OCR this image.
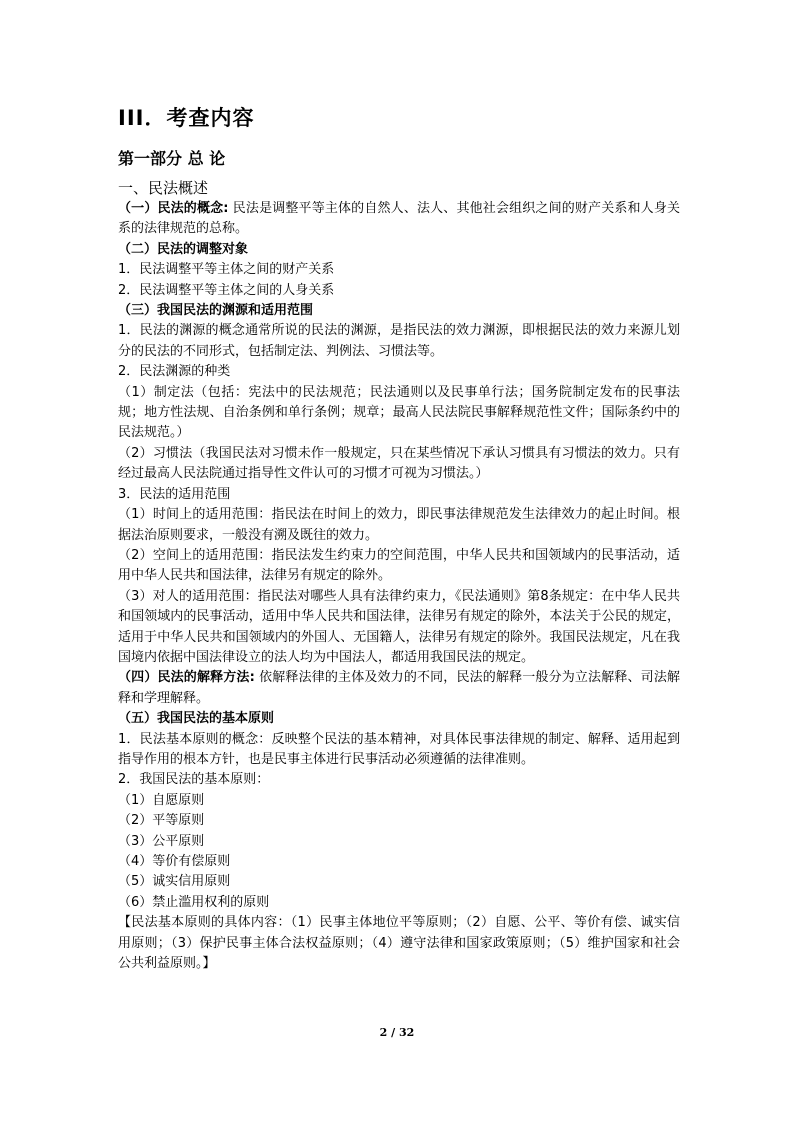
III．考查内容
第一部分 总 论
一、民法概述

（一）民法的概念: 民法是调整平等主体的自然人、法人、其他社会组织之间的财产关系和人身关系的法律规范的总称。

（二）民法的调整对象

1．民法调整平等主体之间的财产关系

2．民法调整平等主体之间的人身关系

（三）我国民法的渊源和适用范围

1．民法的渊源的概念通常所说的民法的渊源，是指民法的效力渊源，即根据民法的效力来源儿划分的民法的不同形式，包括制定法、判例法、习惯法等。

2．民法渊源的种类

（1）制定法（包括：宪法中的民法规范；民法通则以及民事单行法；国务院制定发布的民事法规；地方性法规、自治条例和单行条例；规章；最高人民法院民事解释规范性文件；国际条约中的民法规范。）

（2）习惯法（我国民法对习惯未作一般规定，只在某些情况下承认习惯具有习惯法的效力。只有经过最高人民法院通过指导性文件认可的习惯才可视为习惯法。）

3．民法的适用范围

（1）时间上的适用范围：指民法在时间上的效力，即民事法律规范发生法律效力的起止时间。根据法治原则要求，一般没有溯及既往的效力。

（2）空间上的适用范围：指民法发生约束力的空间范围，中华人民共和国领域内的民事活动，适用中华人民共和国法律，法律另有规定的除外。

（3）对人的适用范围：指民法对哪些人具有法律约束力，《民法通则》第8条规定：在中华人民共和国领域内的民事活动，适用中华人民共和国法律，法律另有规定的除外，本法关于公民的规定，适用于中华人民共和国领域内的外国人、无国籍人，法律另有规定的除外。我国民法规定，凡在我国境内依据中国法律设立的法人均为中国法人，都适用我国民法的规定。

（四）民法的解释方法: 依解释法律的主体及效力的不同，民法的解释一般分为立法解释、司法解释和学理解释。

（五）我国民法的基本原则

1．民法基本原则的概念：反映整个民法的基本精神，对具体民事法律规的制定、解释、适用起到指导作用的根本方针，也是民事主体进行民事活动必须遵循的法律准则。

2．我国民法的基本原则：

（1）自愿原则

（2）平等原则

（3）公平原则

（4）等价有偿原则

（5）诚实信用原则

（6）禁止滥用权利的原则

【民法基本原则的具体内容：（1）民事主体地位平等原则；（2）自愿、公平、等价有偿、诚实信用原则；（3）保护民事主体合法权益原则；（4）遵守法律和国家政策原则；（5）维护国家和社会公共利益原则。】

2 / 32
